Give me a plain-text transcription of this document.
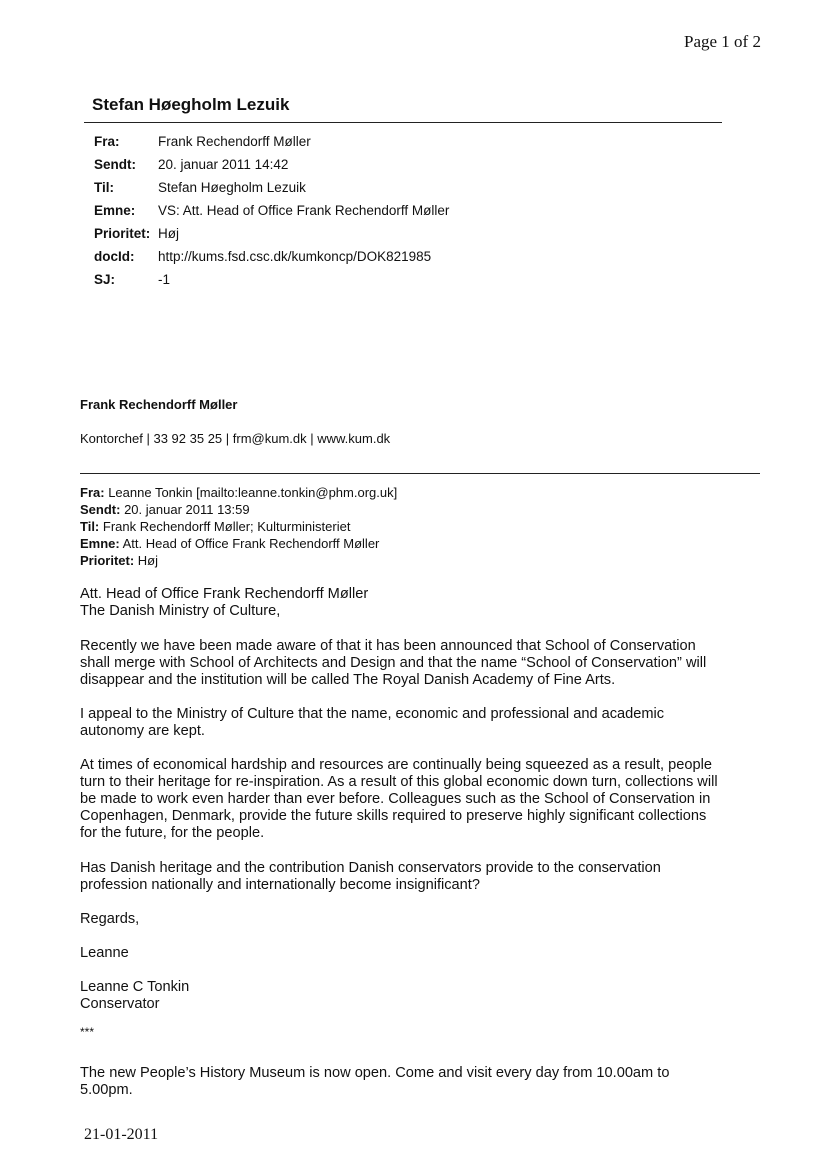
Page 1 of 2
Stefan Høegholm Lezuik
Fra:	Frank Rechendorff Møller
Sendt: 20. januar 2011 14:42
Til:	Stefan Høegholm Lezuik
Emne: VS: Att. Head of Office Frank Rechendorff Møller
Prioritet: Høj
docId: http://kums.fsd.csc.dk/kumkoncp/DOK821985
SJ:	-1
Frank Rechendorff Møller
Kontorchef | 33 92 35 25 | frm@kum.dk | www.kum.dk
Fra: Leanne Tonkin [mailto:leanne.tonkin@phm.org.uk]
Sendt: 20. januar 2011 13:59
Til: Frank Rechendorff Møller; Kulturministeriet
Emne: Att. Head of Office Frank Rechendorff Møller
Prioritet: Høj

Att. Head of Office Frank Rechendorff Møller

The Danish Ministry of Culture,

Recently we have been made aware of that it has been announced that School of Conservation

shall merge with School of Architects and Design and that the name “School of Conservation” will

disappear and the institution will be called The Royal Danish Academy of Fine Arts.

I appeal to the Ministry of Culture that the name, economic and professional and academic

autonomy are kept.

At times of economical hardship and resources are continually being squeezed as a result, people

turn to their heritage for re-inspiration. As a result of this global economic down turn, collections will

be made to work even harder than ever before. Colleagues such as the School of Conservation in

Copenhagen, Denmark, provide the future skills required to preserve highly significant collections

for the future, for the people.

Has Danish heritage and the contribution Danish conservators provide to the conservation

profession nationally and internationally become insignificant?

Regards,
Leanne

Leanne C Tonkin

Conservator

***

The new People’s History Museum is now open. Come and visit every day from 10.00am to

5.00pm.

21-01-2011
